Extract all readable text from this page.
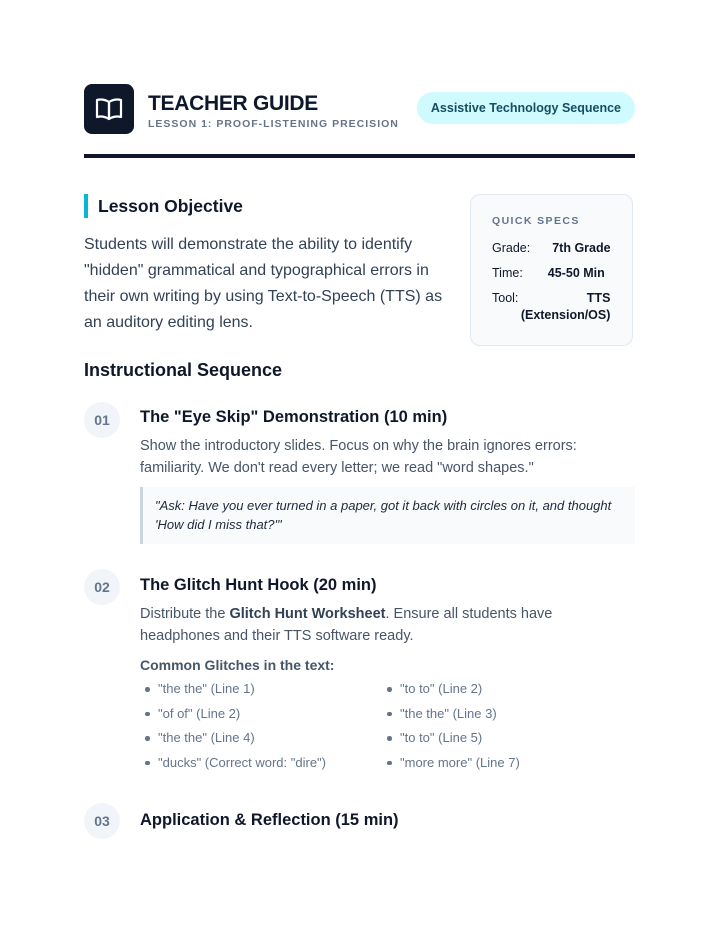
TEACHER GUIDE
LESSON 1: PROOF-LISTENING PRECISION
Assistive Technology Sequence
Lesson Objective
Students will demonstrate the ability to identify "hidden" grammatical and typographical errors in their own writing by using Text-to-Speech (TTS) as an auditory editing lens.
QUICK SPECS
Grade: 7th Grade
Time: 45-50 Min
Tool:	TTS (Extension/OS)
Instructional Sequence
01	The "Eye Skip" Demonstration (10 min)
Show the introductory slides. Focus on why the brain ignores errors: familiarity. We don't read every letter; we read "word shapes."
"Ask: Have you ever turned in a paper, got it back with circles on it, and thought 'How did I miss that?'"
02	The Glitch Hunt Hook (20 min)
Distribute the Glitch Hunt Worksheet. Ensure all students have headphones and their TTS software ready.
Common Glitches in the text:
"the the" (Line 1)	"to to" (Line 2)
"of of" (Line 2)	"the the" (Line 3)
"the the" (Line 4)	"to to" (Line 5)
"ducks" (Correct word: "dire")	"more more" (Line 7)
03	Application & Reflection (15 min)
